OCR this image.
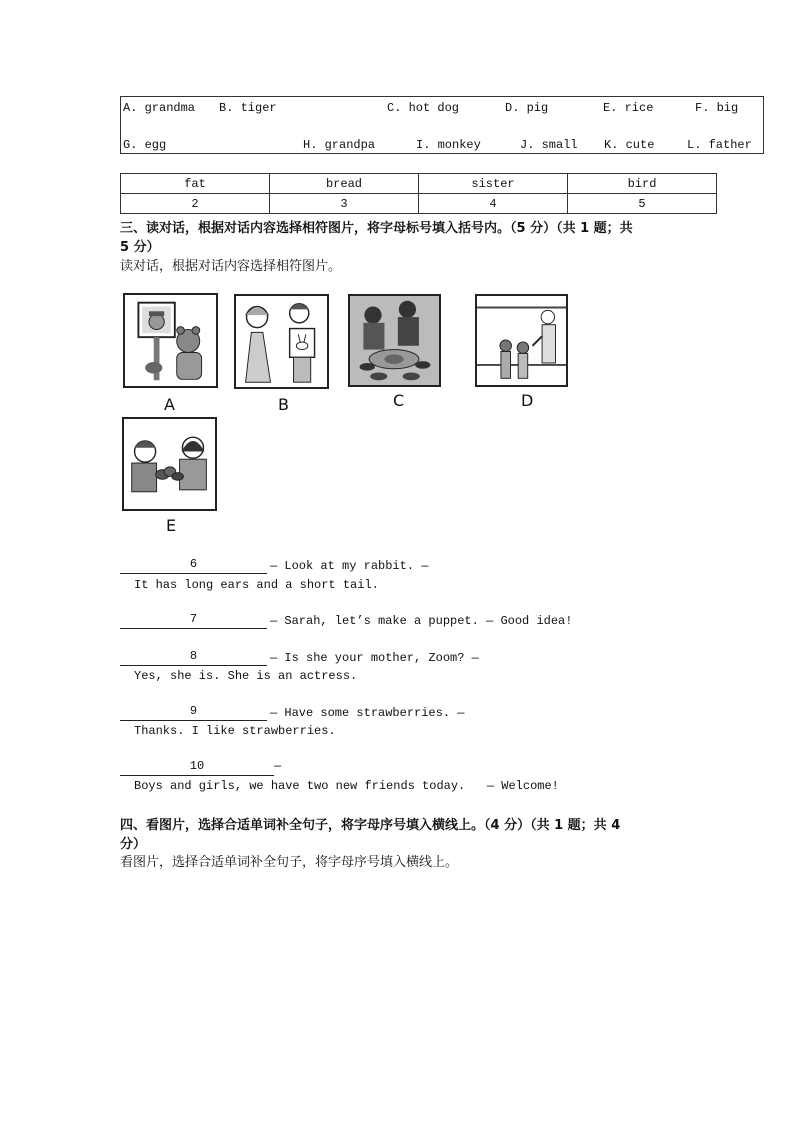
A. grandma B. tiger	C. hot dog	D. pig	E. rice	F. big
G. egg	H. grandpa	I. monkey	J. small K. cute	L. father
fat	bread	sister	bird
2	3	4	5
三、读对话，根据对话内容选择相符图片，将字母标号填入括号内。（5 分）（共 1 题；共
5 分）
读对话，根据对话内容选择相符图片。
A	B	C	D
E
6	— Look at my rabbit. —
It has long ears and a short tail.
7	— Sarah, let’s make a puppet. — Good idea!
8	— Is she your mother, Zoom? —
Yes, she is. She is an actress.
9	— Have some strawberries. —
Thanks. I like strawberries.
10	—
Boys and girls, we have two new friends today.   — Welcome!
四、看图片，选择合适单词补全句子，将字母序号填入横线上。（4 分）（共 1 题；共 4
分）
看图片，选择合适单词补全句子，将字母序号填入横线上。
